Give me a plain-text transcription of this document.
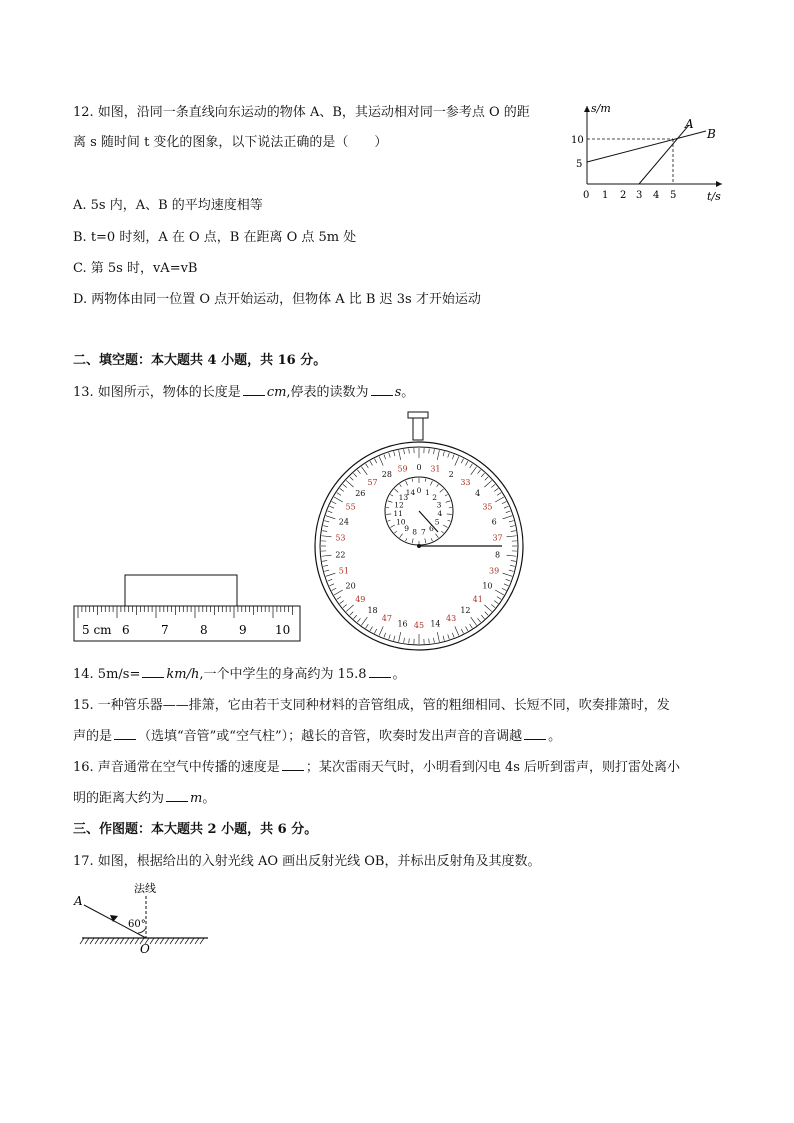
12. 如图，沿同一条直线向东运动的物体 A、B，其运动相对同一参考点 O 的距
离 s 随时间 t 变化的图象，以下说法正确的是（　　）
A. 5s 内，A、B 的平均速度相等
B. t=0 时刻，A 在 O 点，B 在距离 O 点 5m 处
C. 第 5s 时，vA=vB
D. 两物体由同一位置 O 点开始运动，但物体 A 比 B 迟 3s 才开始运动
s/m
t/s
0 1 2 3 4 5
5
10
A
B
二、填空题：本大题共 4 小题，共 16 分。
13. 如图所示，物体的长度是 cm,停表的读数为 s。
5 cm 6	7	8	9 10
0
2
4
6
8
10
12
14
16
18
20
22
24
26
28
31
33
35
37
39
41
43
45
47
49
51
53
55
57
59
0 1
2
3
4
5
6
7
8
9
10
11
12
13
14
14. 5m/s= km/h,一个中学生的身高约为 15.8 。
15. 一种管乐器——排箫，它由若干支同种材料的音管组成，管的粗细相同、长短不同，吹奏排箫时，发
声的是 （选填“音管”或“空气柱”）；越长的音管，吹奏时发出声音的音调越 。
16. 声音通常在空气中传播的速度是 ；某次雷雨天气时，小明看到闪电 4s 后听到雷声，则打雷处离小
明的距离大约为 m。
三、作图题：本大题共 2 小题，共 6 分。
17. 如图，根据给出的入射光线 AO 画出反射光线 OB，并标出反射角及其度数。
法线
A
60°
O
